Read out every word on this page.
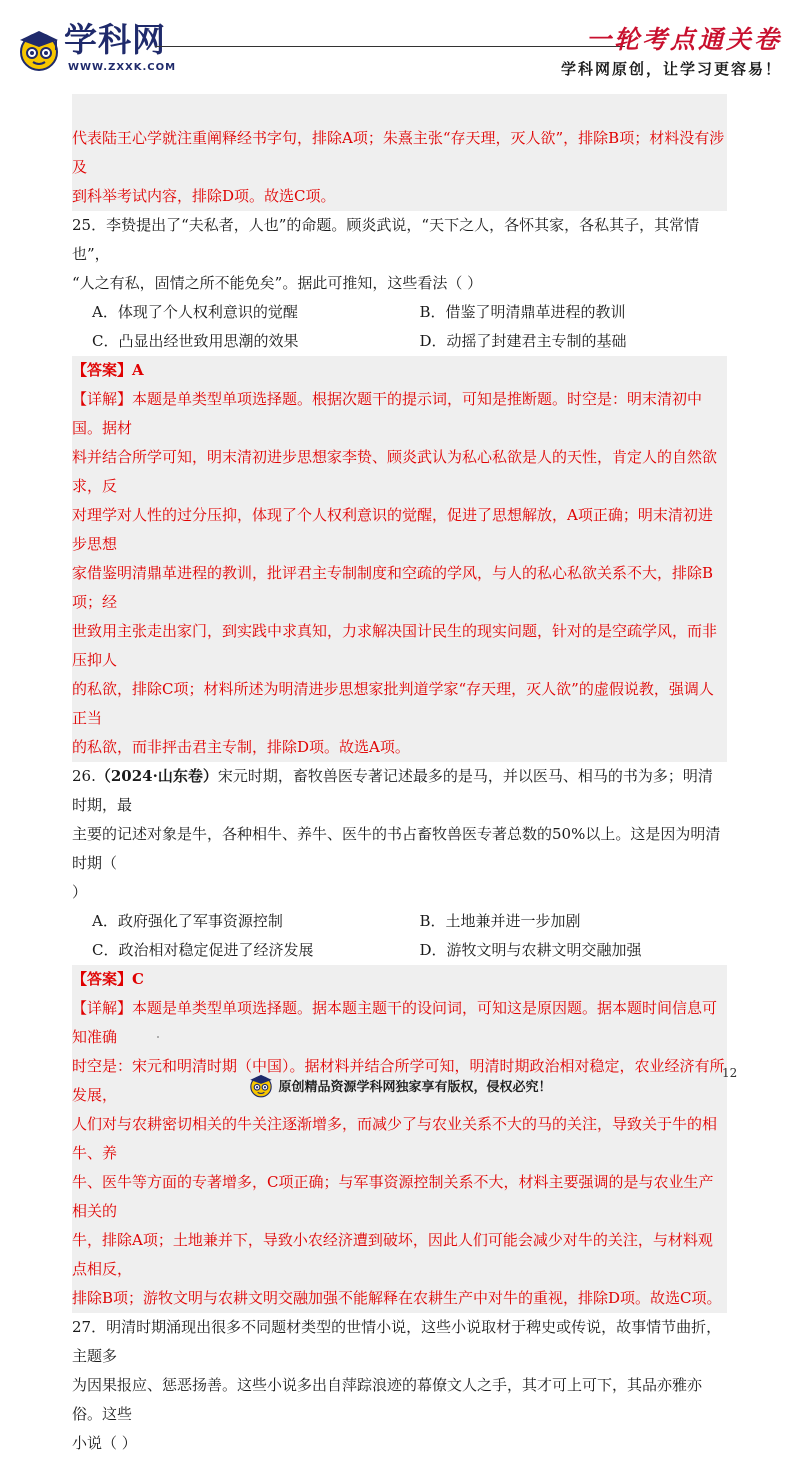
学科网
WWW.ZXXK.COM
一轮考点通关卷
学科网原创，让学习更容易！

代表陆王心学就注重阐释经书字句，排除A项；朱熹主张“存天理，灭人欲”，排除B项；材料没有涉及

到科举考试内容，排除D项。故选C项。

25．李贽提出了“夫私者，人也”的命题。顾炎武说，“天下之人，各怀其家，各私其子，其常情也”，

“人之有私，固情之所不能免矣”。据此可推知，这些看法（ ）

A．体现了个人权利意识的觉醒	B．借鉴了明清鼎革进程的教训
C．凸显出经世致用思潮的效果	D．动摇了封建君主专制的基础

【答案】A

【详解】本题是单类型单项选择题。根据次题干的提示词，可知是推断题。时空是：明末清初中国。据材

料并结合所学可知，明末清初进步思想家李贽、顾炎武认为私心私欲是人的天性，肯定人的自然欲求，反

对理学对人性的过分压抑，体现了个人权利意识的觉醒，促进了思想解放，A项正确；明末清初进步思想

家借鉴明清鼎革进程的教训，批评君主专制制度和空疏的学风，与人的私心私欲关系不大，排除B项；经

世致用主张走出家门，到实践中求真知，力求解决国计民生的现实问题，针对的是空疏学风，而非压抑人

的私欲，排除C项；材料所述为明清进步思想家批判道学家“存天理，灭人欲”的虚假说教，强调人正当

的私欲，而非抨击君主专制，排除D项。故选A项。

26.（2024·山东卷）宋元时期，畜牧兽医专著记述最多的是马，并以医马、相马的书为多；明清时期，最

主要的记述对象是牛，各种相牛、养牛、医牛的书占畜牧兽医专著总数的50%以上。这是因为明清时期（

）

A．政府强化了军事资源控制	B．土地兼并进一步加剧
C．政治相对稳定促进了经济发展	D．游牧文明与农耕文明交融加强

【答案】C

【详解】本题是单类型单项选择题。据本题主题干的设问词，可知这是原因题。据本题时间信息可知准确

时空是：宋元和明清时期（中国）。据材料并结合所学可知，明清时期政治相对稳定，农业经济有所发展，

人们对与农耕密切相关的牛关注逐渐增多，而减少了与农业关系不大的马的关注，导致关于牛的相牛、养

牛、医牛等方面的专著增多，C项正确；与军事资源控制关系不大，材料主要强调的是与农业生产相关的

牛，排除A项；土地兼并下，导致小农经济遭到破坏，因此人们可能会减少对牛的关注，与材料观点相反，

排除B项；游牧文明与农耕文明交融加强不能解释在农耕生产中对牛的重视，排除D项。故选C项。

27．明清时期涌现出很多不同题材类型的世情小说，这些小说取材于稗史或传说，故事情节曲折，主题多

为因果报应、惩恶扬善。这些小说多出自萍踪浪迹的幕僚文人之手，其才可上可下，其品亦雅亦俗。这些

小说（ ）

12
原创精品资源学科网独家享有版权，侵权必究！
